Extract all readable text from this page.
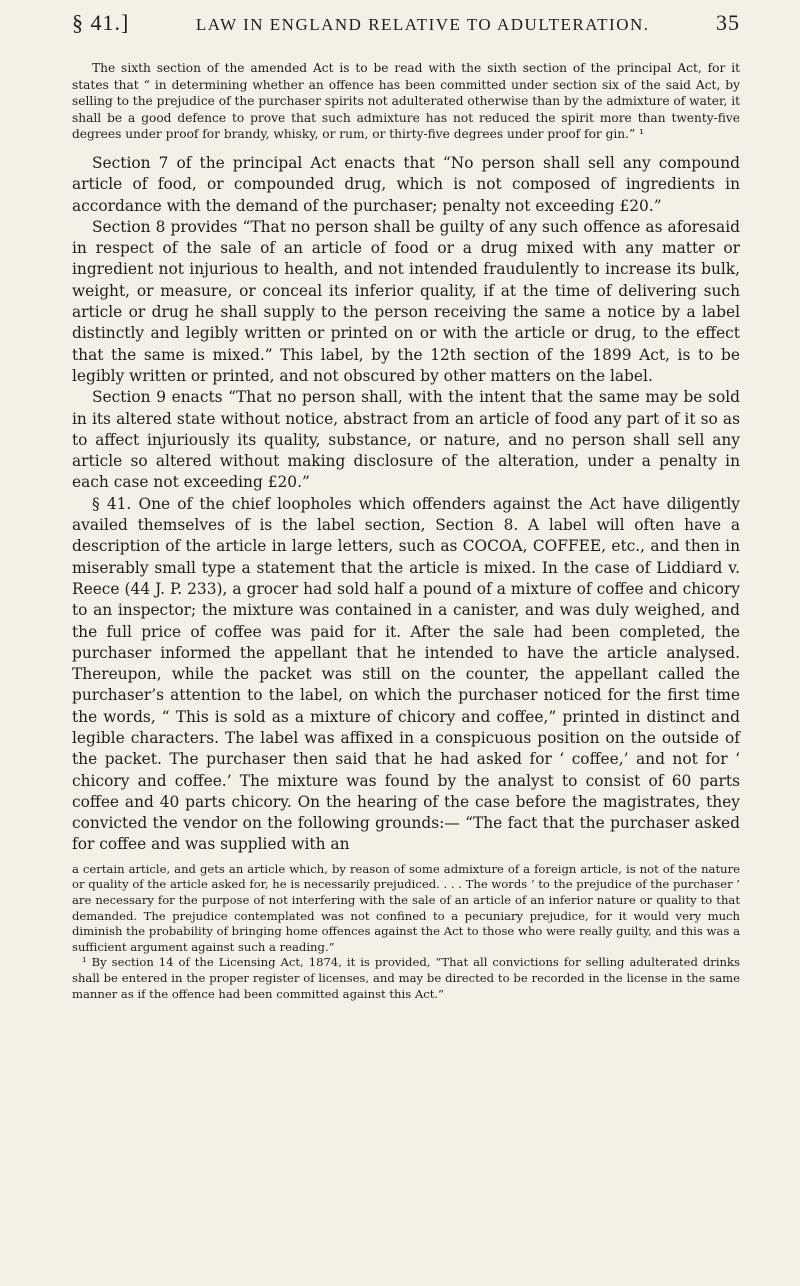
§ 41.]	LAW IN ENGLAND RELATIVE TO ADULTERATION.	35

The sixth section of the amended Act is to be read with the sixth section of the principal Act, for it states that “ in determining whether an offence has been committed under section six of the said Act, by selling to the prejudice of the purchaser spirits not adulterated otherwise than by the admixture of water, it shall be a good defence to prove that such admixture has not reduced the spirit more than twenty-five degrees under proof for brandy, whisky, or rum, or thirty-five degrees under proof for gin.” ¹

Section 7 of the principal Act enacts that “No person shall sell any compound article of food, or compounded drug, which is not composed of ingredients in accordance with the demand of the purchaser; penalty not exceeding £20.”

Section 8 provides “That no person shall be guilty of any such offence as aforesaid in respect of the sale of an article of food or a drug mixed with any matter or ingredient not injurious to health, and not intended fraudulently to increase its bulk, weight, or measure, or conceal its inferior quality, if at the time of delivering such article or drug he shall supply to the person receiving the same a notice by a label distinctly and legibly written or printed on or with the article or drug, to the effect that the same is mixed.” This label, by the 12th section of the 1899 Act, is to be legibly written or printed, and not obscured by other matters on the label.

Section 9 enacts “That no person shall, with the intent that the same may be sold in its altered state without notice, abstract from an article of food any part of it so as to affect injuriously its quality, substance, or nature, and no person shall sell any article so altered without making disclosure of the alteration, under a penalty in each case not exceeding £20.”

§ 41. One of the chief loopholes which offenders against the Act have diligently availed themselves of is the label section, Section 8. A label will often have a description of the article in large letters, such as COCOA, COFFEE, etc., and then in miserably small type a statement that the article is mixed. In the case of Liddiard v. Reece (44 J. P. 233), a grocer had sold half a pound of a mixture of coffee and chicory to an inspector; the mixture was contained in a canister, and was duly weighed, and the full price of coffee was paid for it. After the sale had been completed, the purchaser informed the appellant that he intended to have the article analysed. Thereupon, while the packet was still on the counter, the appellant called the purchaser’s attention to the label, on which the purchaser noticed for the first time the words, “ This is sold as a mixture of chicory and coffee,” printed in distinct and legible characters. The label was affixed in a conspicuous position on the outside of the packet. The purchaser then said that he had asked for ‘ coffee,’ and not for ‘ chicory and coffee.’ The mixture was found by the analyst to consist of 60 parts coffee and 40 parts chicory. On the hearing of the case before the magistrates, they convicted the vendor on the following grounds:— “The fact that the purchaser asked for coffee and was supplied with an

a certain article, and gets an article which, by reason of some admixture of a foreign article, is not of the nature or quality of the article asked for, he is necessarily prejudiced. . . . The words ‘ to the prejudice of the purchaser ’ are necessary for the purpose of not interfering with the sale of an article of an inferior nature or quality to that demanded. The prejudice contemplated was not confined to a pecuniary prejudice, for it would very much diminish the probability of bringing home offences against the Act to those who were really guilty, and this was a sufficient argument against such a reading.”

¹ By section 14 of the Licensing Act, 1874, it is provided, “That all convictions for selling adulterated drinks shall be entered in the proper register of licenses, and may be directed to be recorded in the license in the same manner as if the offence had been committed against this Act.”
